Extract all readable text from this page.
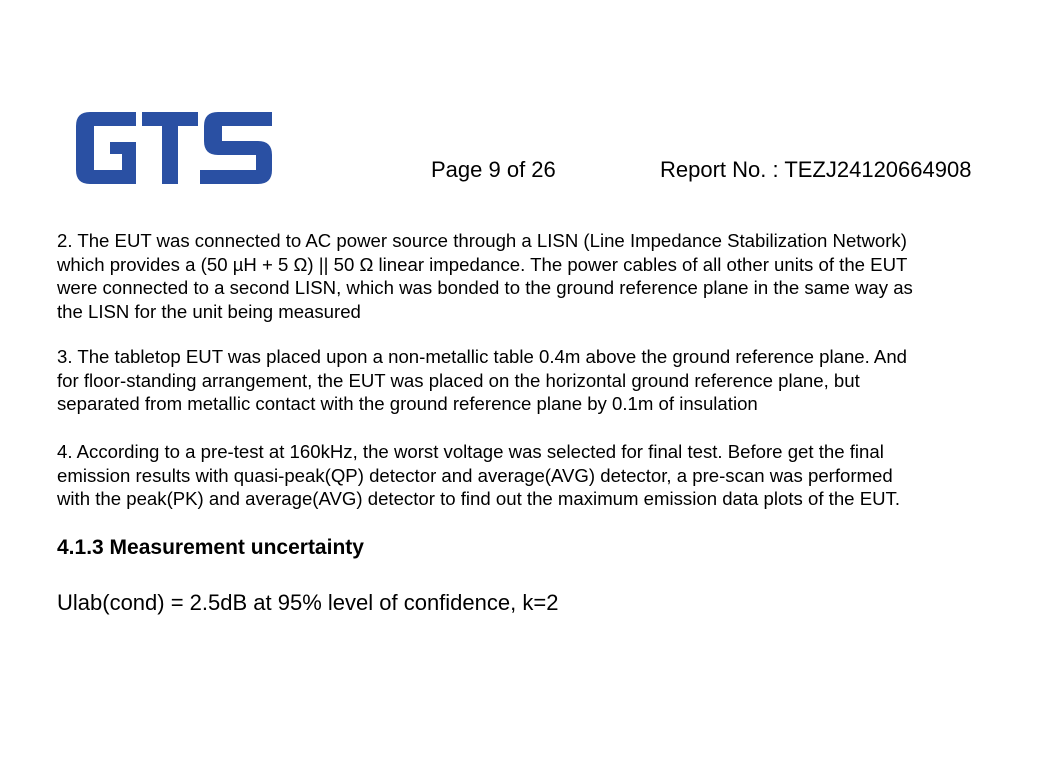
Page 9 of 26	Report No. : TEZJ24120664908
2. The EUT was connected to AC power source through a LISN (Line Impedance Stabilization Network)
which provides a (50 µH + 5 Ω) || 50 Ω linear impedance. The power cables of all other units of the EUT
were connected to a second LISN, which was bonded to the ground reference plane in the same way as
the LISN for the unit being measured
3. The tabletop EUT was placed upon a non-metallic table 0.4m above the ground reference plane. And
for floor-standing arrangement, the EUT was placed on the horizontal ground reference plane, but
separated from metallic contact with the ground reference plane by 0.1m of insulation
4. According to a pre-test at 160kHz, the worst voltage was selected for final test. Before get the final
emission results with quasi-peak(QP) detector and average(AVG) detector, a pre-scan was performed
with the peak(PK) and average(AVG) detector to find out the maximum emission data plots of the EUT.
4.1.3 Measurement uncertainty
Ulab(cond) = 2.5dB at 95% level of confidence, k=2
